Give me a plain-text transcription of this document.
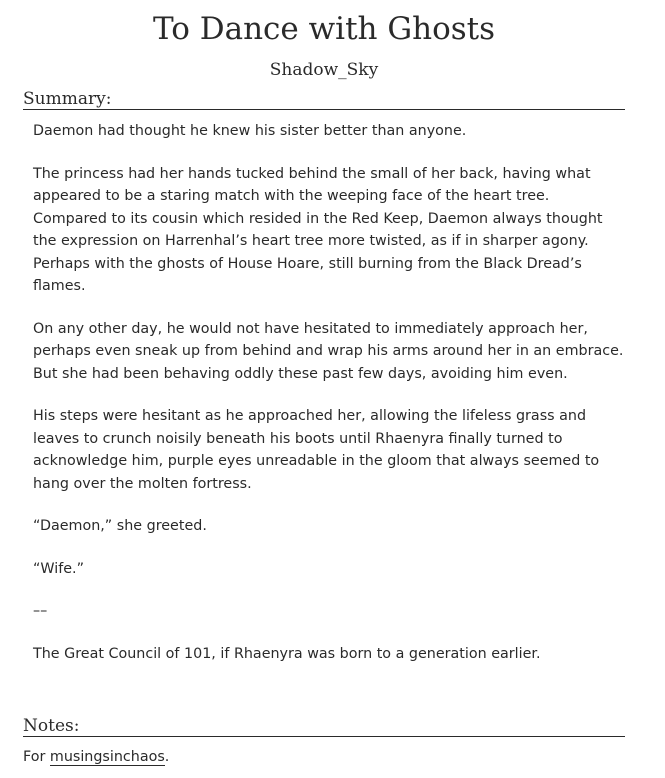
To Dance with Ghosts
Shadow_Sky
Summary:

Daemon had thought he knew his sister better than anyone.

The princess had her hands tucked behind the small of her back, having what appeared to be a staring match with the weeping face of the heart tree. Compared to its cousin which resided in the Red Keep, Daemon always thought the expression on Harrenhal’s heart tree more twisted, as if in sharper agony. Perhaps with the ghosts of House Hoare, still burning from the Black Dread’s flames.

On any other day, he would not have hesitated to immediately approach her, perhaps even sneak up from behind and wrap his arms around her in an embrace. But she had been behaving oddly these past few days, avoiding him even.

His steps were hesitant as he approached her, allowing the lifeless grass and leaves to crunch noisily beneath his boots until Rhaenyra finally turned to acknowledge him, purple eyes unreadable in the gloom that always seemed to hang over the molten fortress.

“Daemon,” she greeted.

“Wife.”

––

The Great Council of 101, if Rhaenyra was born to a generation earlier.

Notes:
For musingsinchaos.
